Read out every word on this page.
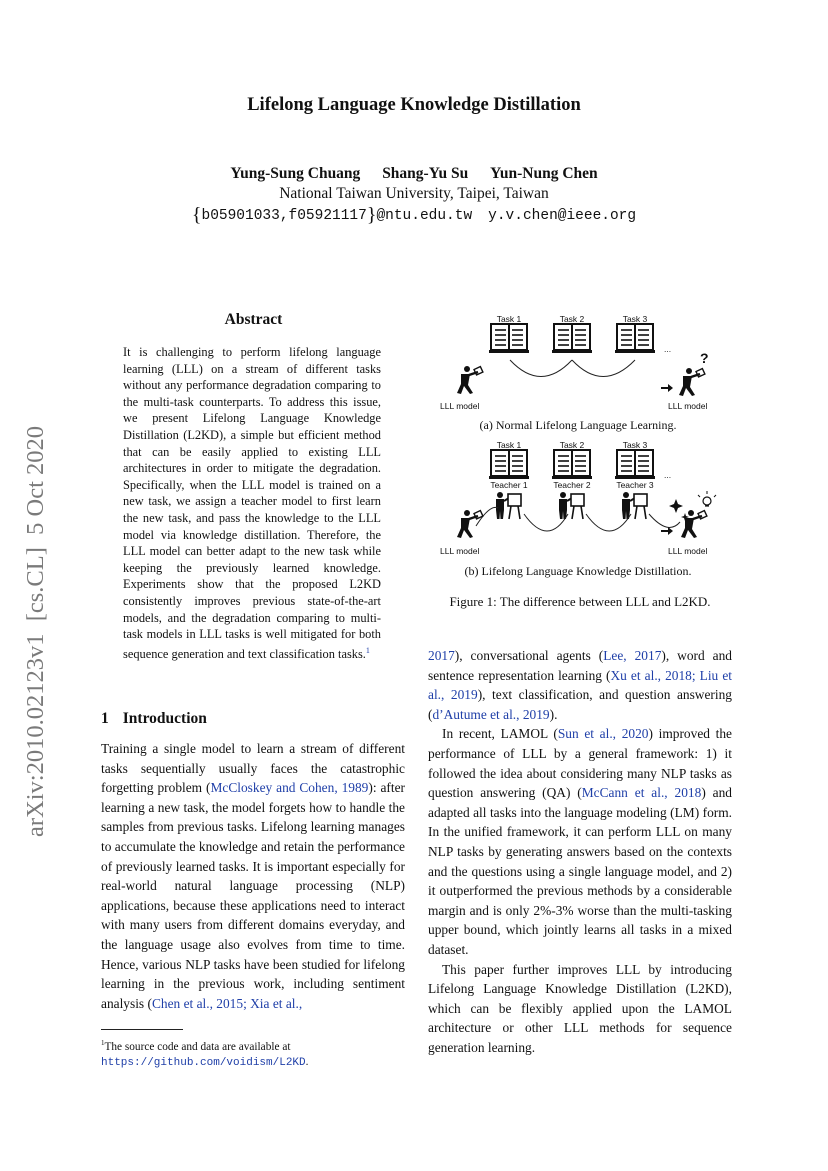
Lifelong Language Knowledge Distillation
Yung-Sung Chuang Shang-Yu Su Yun-Nung Chen
National Taiwan University, Taipei, Taiwan
{b05901033,f05921117}@ntu.edu.tw y.v.chen@ieee.org
arXiv:2010.02123v1  [cs.CL]  5 Oct 2020
Abstract
It is challenging to perform lifelong language learning (LLL) on a stream of different tasks without any performance degradation comparing to the multi-task counterparts. To address this issue, we present Lifelong Language Knowledge Distillation (L2KD), a simple but efficient method that can be easily applied to existing LLL architectures in order to mitigate the degradation. Specifically, when the LLL model is trained on a new task, we assign a teacher model to first learn the new task, and pass the knowledge to the LLL model via knowledge distillation. Therefore, the LLL model can better adapt to the new task while keeping the previously learned knowledge. Experiments show that the proposed L2KD consistently improves previous state-of-the-art models, and the degradation comparing to multi-task models in LLL tasks is well mitigated for both sequence generation and text classification tasks.$^1$
1 Introduction
Training a single model to learn a stream of different tasks sequentially usually faces the catastrophic forgetting problem (McCloskey and Cohen, 1989): after learning a new task, the model forgets how to handle the samples from previous tasks. Lifelong learning manages to accumulate the knowledge and retain the performance of previously learned tasks. It is important especially for real-world natural language processing (NLP) applications, because these applications need to interact with many users from different domains everyday, and the language usage also evolves from time to time. Hence, various NLP tasks have been studied for lifelong learning in the previous work, including sentiment analysis (Chen et al., 2015; Xia et al.,
$^1$The source code and data are available at https://github.com/voidism/L2KD.
Task 1	Task 2	Task 3
...
LLL model
?
LLL model
Task 1	Task 2	Task 3
...
Teacher 1	Teacher 2	Teacher 3
LLL model	LLL model
(a) Normal Lifelong Language Learning.
(b) Lifelong Language Knowledge Distillation.
Figure 1: The difference between LLL and L2KD.

2017), conversational agents (Lee, 2017), word and sentence representation learning (Xu et al., 2018; Liu et al., 2019), text classification, and question answering (d’Autume et al., 2019).

In recent, LAMOL (Sun et al., 2020) improved the performance of LLL by a general framework: 1) it followed the idea about considering many NLP tasks as question answering (QA) (McCann et al., 2018) and adapted all tasks into the language modeling (LM) form. In the unified framework, it can perform LLL on many NLP tasks by generating answers based on the contexts and the questions using a single language model, and 2) it outperformed the previous methods by a considerable margin and is only 2%-3% worse than the multi-tasking upper bound, which jointly learns all tasks in a mixed dataset.

This paper further improves LLL by introducing Lifelong Language Knowledge Distillation (L2KD), which can be flexibly applied upon the LAMOL architecture or other LLL methods for sequence generation learning.
